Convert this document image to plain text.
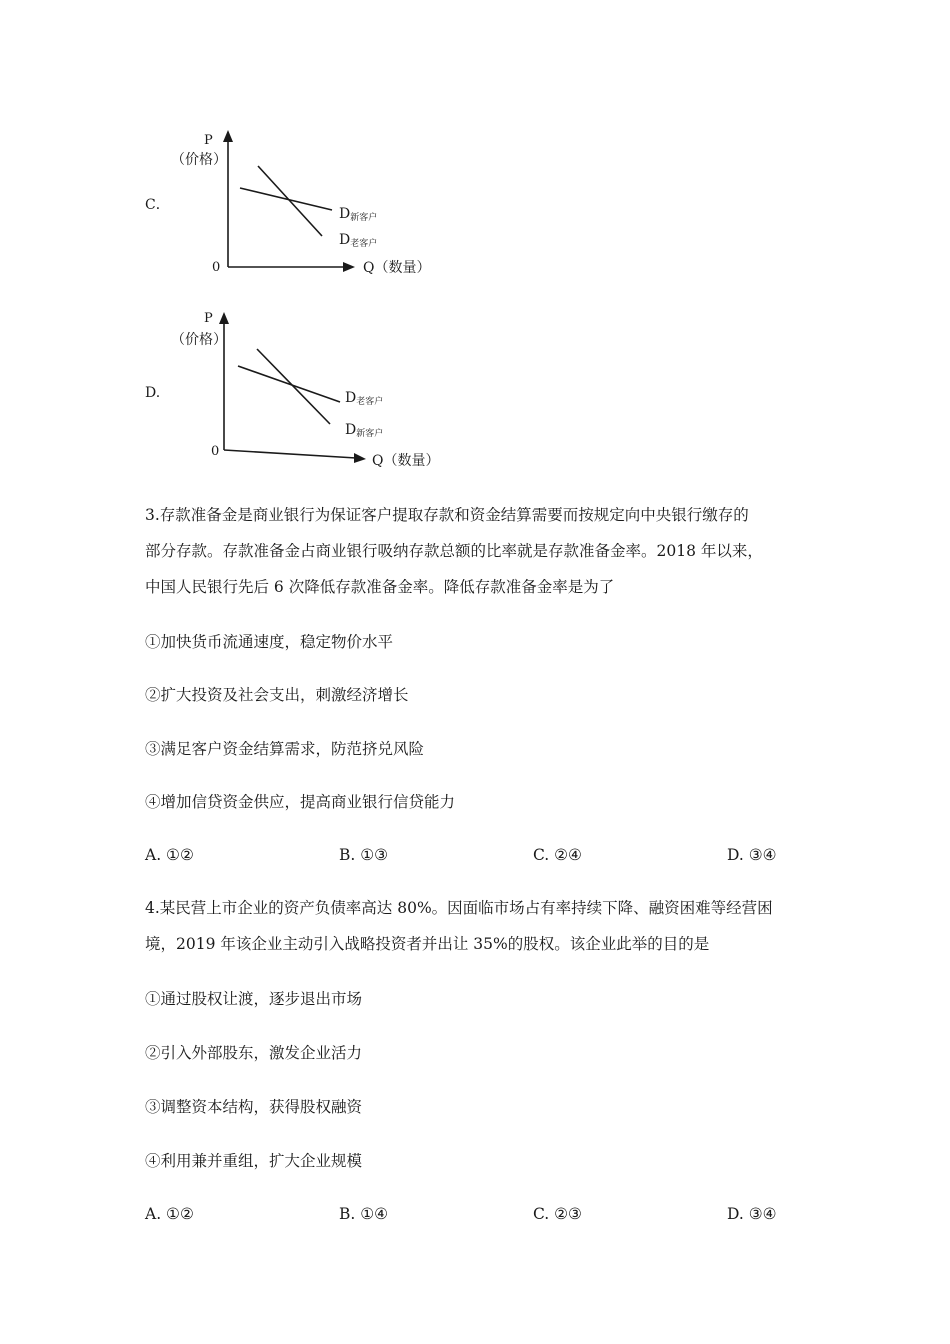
C．
P
（价格）
0	Q（数量）
D新客户
D老客户
D.
P
（价格）
0
Q（数量）
D老客户
D新客户
3.存款准备金是商业银行为保证客户提取存款和资金结算需要而按规定向中央银行缴存的
部分存款。存款准备金占商业银行吸纳存款总额的比率就是存款准备金率。2018 年以来，
中国人民银行先后 6 次降低存款准备金率。降低存款准备金率是为了
①加快货币流通速度，稳定物价水平
②扩大投资及社会支出，刺激经济增长
③满足客户资金结算需求，防范挤兑风险
④增加信贷资金供应，提高商业银行信贷能力
A. ①②	B. ①③	C. ②④	D. ③④
4.某民营上市企业的资产负债率高达 80%。因面临市场占有率持续下降、融资困难等经营困
境，2019 年该企业主动引入战略投资者并出让 35%的股权。该企业此举的目的是
①通过股权让渡，逐步退出市场
②引入外部股东，激发企业活力
③调整资本结构，获得股权融资
④利用兼并重组，扩大企业规模
A. ①②	B. ①④	C. ②③	D. ③④
